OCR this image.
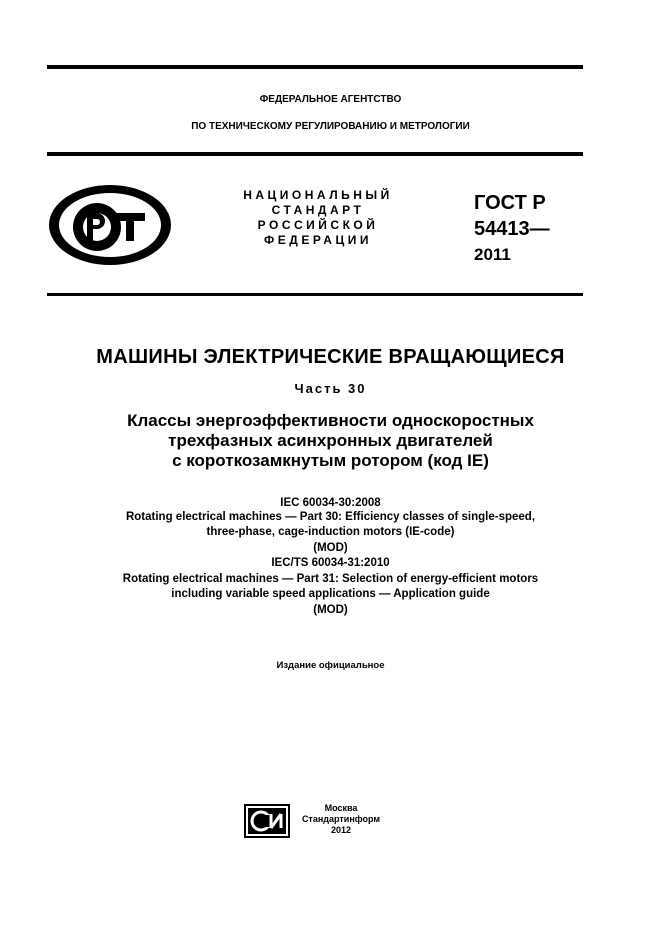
ФЕДЕРАЛЬНОЕ АГЕНТСТВО
ПО ТЕХНИЧЕСКОМУ РЕГУЛИРОВАНИЮ И МЕТРОЛОГИИ
НАЦИОНАЛЬНЫЙ
СТАНДАРТ
РОССИЙСКОЙ
ФЕДЕРАЦИИ
ГОСТ Р
54413—
2011
МАШИНЫ ЭЛЕКТРИЧЕСКИЕ ВРАЩАЮЩИЕСЯ
Часть 30
Классы энергоэффективности односкоростных
трехфазных асинхронных двигателей
с короткозамкнутым ротором (код IE)
IEC 60034-30:2008
Rotating electrical machines — Part 30: Efficiency classes of single-speed,
three-phase, cage-induction motors (IE-code)
(MOD)
IEC/TS 60034-31:2010
Rotating electrical machines — Part 31: Selection of energy-efficient motors
including variable speed applications — Application guide
(MOD)
Издание официальное
Москва
Стандартинформ
2012
